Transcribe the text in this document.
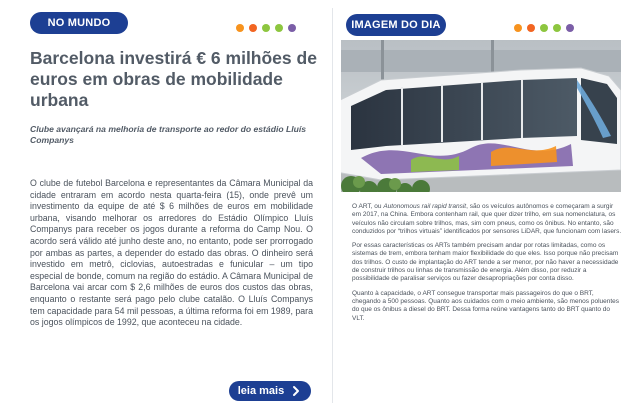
NO MUNDO
Barcelona investirá € 6 milhões de euros em obras de mobilidade urbana
Clube avançará na melhoria de transporte ao redor do estádio Lluís Companys
O clube de futebol Barcelona e representantes da Câmara Municipal da cidade entraram em acordo nesta quarta-feira (15), onde prevê um investimento da equipe de até $ 6 milhões de euros em mobilidade urbana, visando melhorar os arredores do Estádio Olímpico Lluís Companys para receber os jogos durante a reforma do Camp Nou. O acordo será válido até junho deste ano, no entanto, pode ser prorrogado por ambas as partes, a depender do estado das obras. O dinheiro será investido em metrô, ciclovias, autoestradas e funicular – um tipo especial de bonde, comum na região do estádio. A Câmara Municipal de Barcelona vai arcar com $ 2,6 milhões de euros dos custos das obras, enquanto o restante será pago pelo clube catalão. O Lluís Companys tem capacidade para 54 mil pessoas, a última reforma foi em 1989, para os jogos olímpicos de 1992, que aconteceu na cidade.
leia mais
IMAGEM DO DIA

O ART, ou Autonomous rail rapid transit, são os veículos autônomos e começaram a surgir em 2017, na China. Embora contenham rail, que quer dizer trilho, em sua nomenclatura, os veículos não circulam sobre trilhos, mas, sim com pneus, como os ônibus. No entanto, são conduzidos por “trilhos virtuais” identificados por sensores LiDAR, que funcionam com lasers.

Por essas características os ARTs também precisam andar por rotas limitadas, como os sistemas de trem, embora tenham maior flexibilidade do que eles. Isso porque não precisam dos trilhos. O custo de implantação do ART tende a ser menor, por não haver a necessidade de construir trilhos ou linhas de transmissão de energia. Além disso, por reduzir a possibilidade de paralisar serviços ou fazer desapropriações por conta disso.

Quanto à capacidade, o ART consegue transportar mais passageiros do que o BRT, chegando a 500 pessoas. Quanto aos cuidados com o meio ambiente, são menos poluentes do que os ônibus a diesel do BRT. Dessa forma reúne vantagens tanto do BRT quanto do VLT.
